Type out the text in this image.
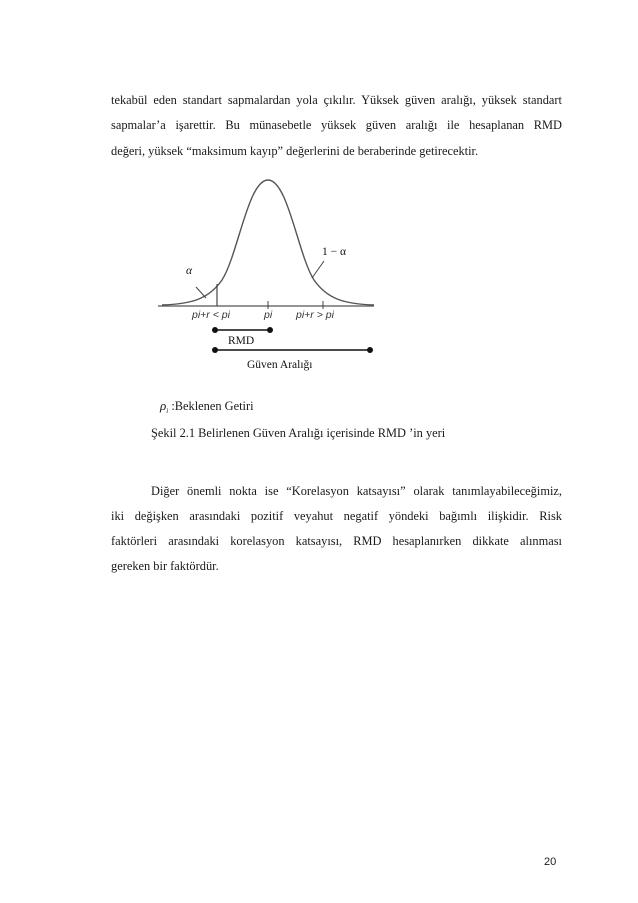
tekabül eden standart sapmalardan yola çıkılır. Yüksek güven aralığı, yüksek standart
sapmalar’a işarettir. Bu münasebetle yüksek güven aralığı ile hesaplanan RMD
değeri, yüksek “maksimum kayıp” değerlerini de beraberinde getirecektir.
α
1 − α
pi+r < pi	pi pi+r > pi
RMD
Güven Aralığı
$\rho_i$ :Beklenen Getiri
Şekil 2.1 Belirlenen Güven Aralığı içerisinde RMD ’in yeri
Diğer önemli nokta ise “Korelasyon katsayısı” olarak tanımlayabileceğimiz,
iki değişken arasındaki pozitif veyahut negatif yöndeki bağımlı ilişkidir. Risk
faktörleri arasındaki korelasyon katsayısı, RMD hesaplanırken dikkate alınması
gereken bir faktördür.
20
